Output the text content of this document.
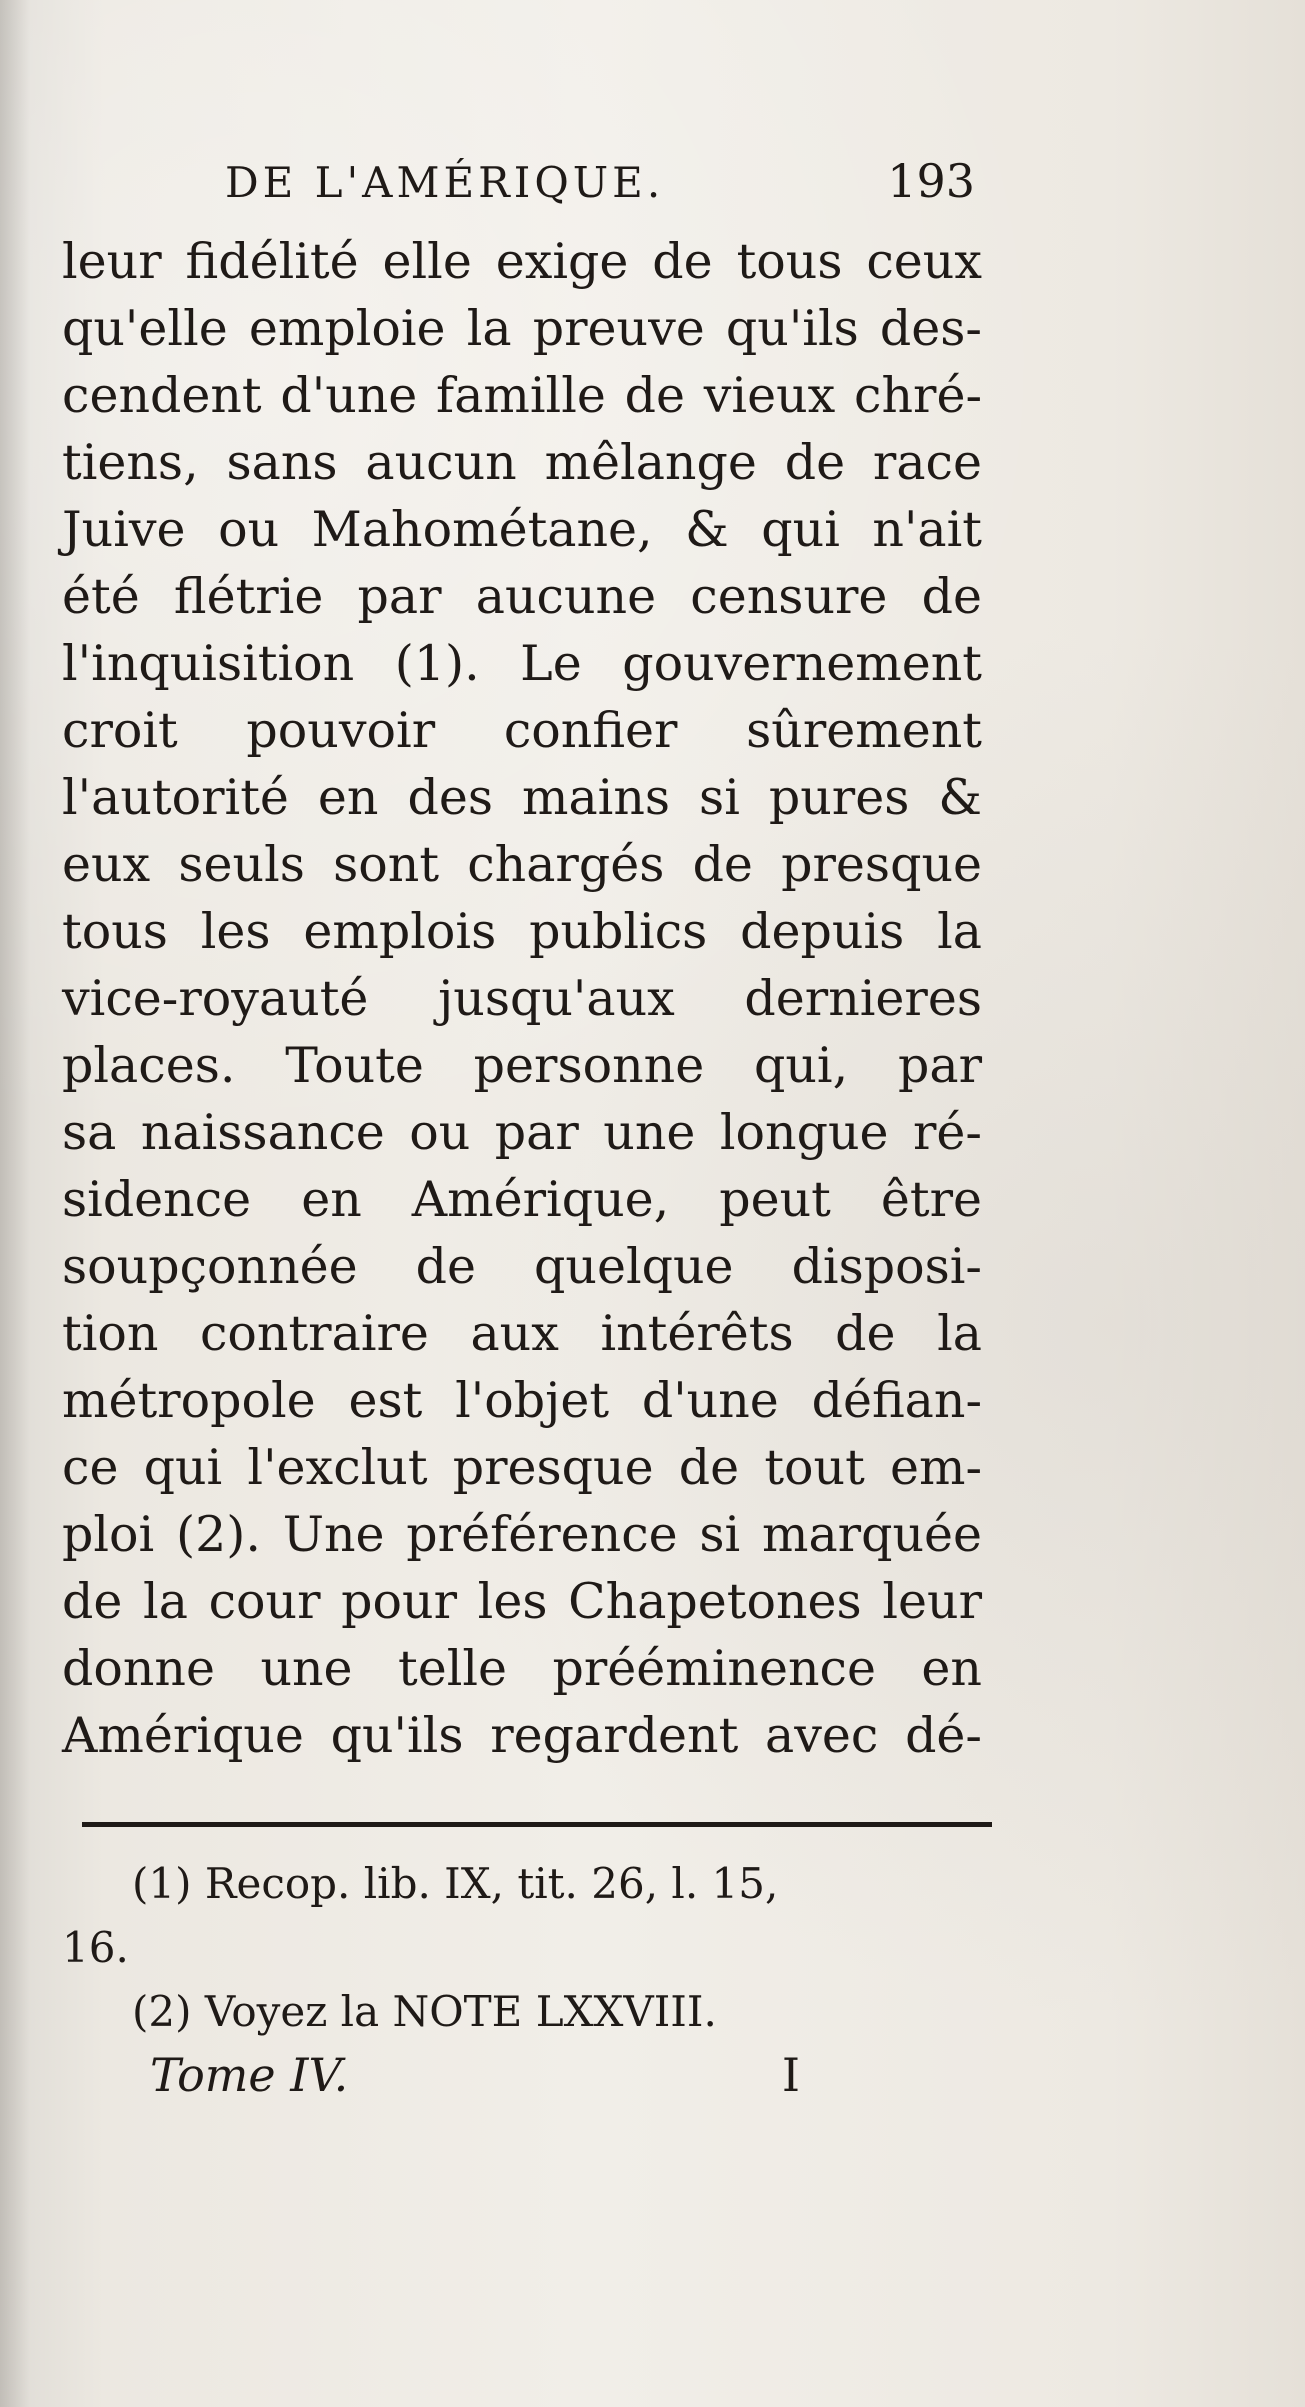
DE L'AMÉRIQUE.	193
leur fidélité elle exige de tous ceux
qu'elle emploie la preuve qu'ils des-
cendent d'une famille de vieux chré-
tiens, sans aucun mêlange de race
Juive ou Mahométane, & qui n'ait
été flétrie par aucune censure de
l'inquisition (1). Le gouvernement
croit pouvoir confier sûrement
l'autorité en des mains si pures &
eux seuls sont chargés de presque
tous les emplois publics depuis la
vice-royauté jusqu'aux dernieres
places. Toute personne qui, par
sa naissance ou par une longue ré-
sidence en Amérique, peut être
soupçonnée de quelque disposi-
tion contraire aux intérêts de la
métropole est l'objet d'une défian-
ce qui l'exclut presque de tout em-
ploi (2). Une préférence si marquée
de la cour pour les Chapetones leur
donne une telle prééminence en
Amérique qu'ils regardent avec dé-
(1) Recop. lib. IX, tit. 26, l. 15,
16.
(2) Voyez la NOTE LXXVIII.
Tome IV.	I
